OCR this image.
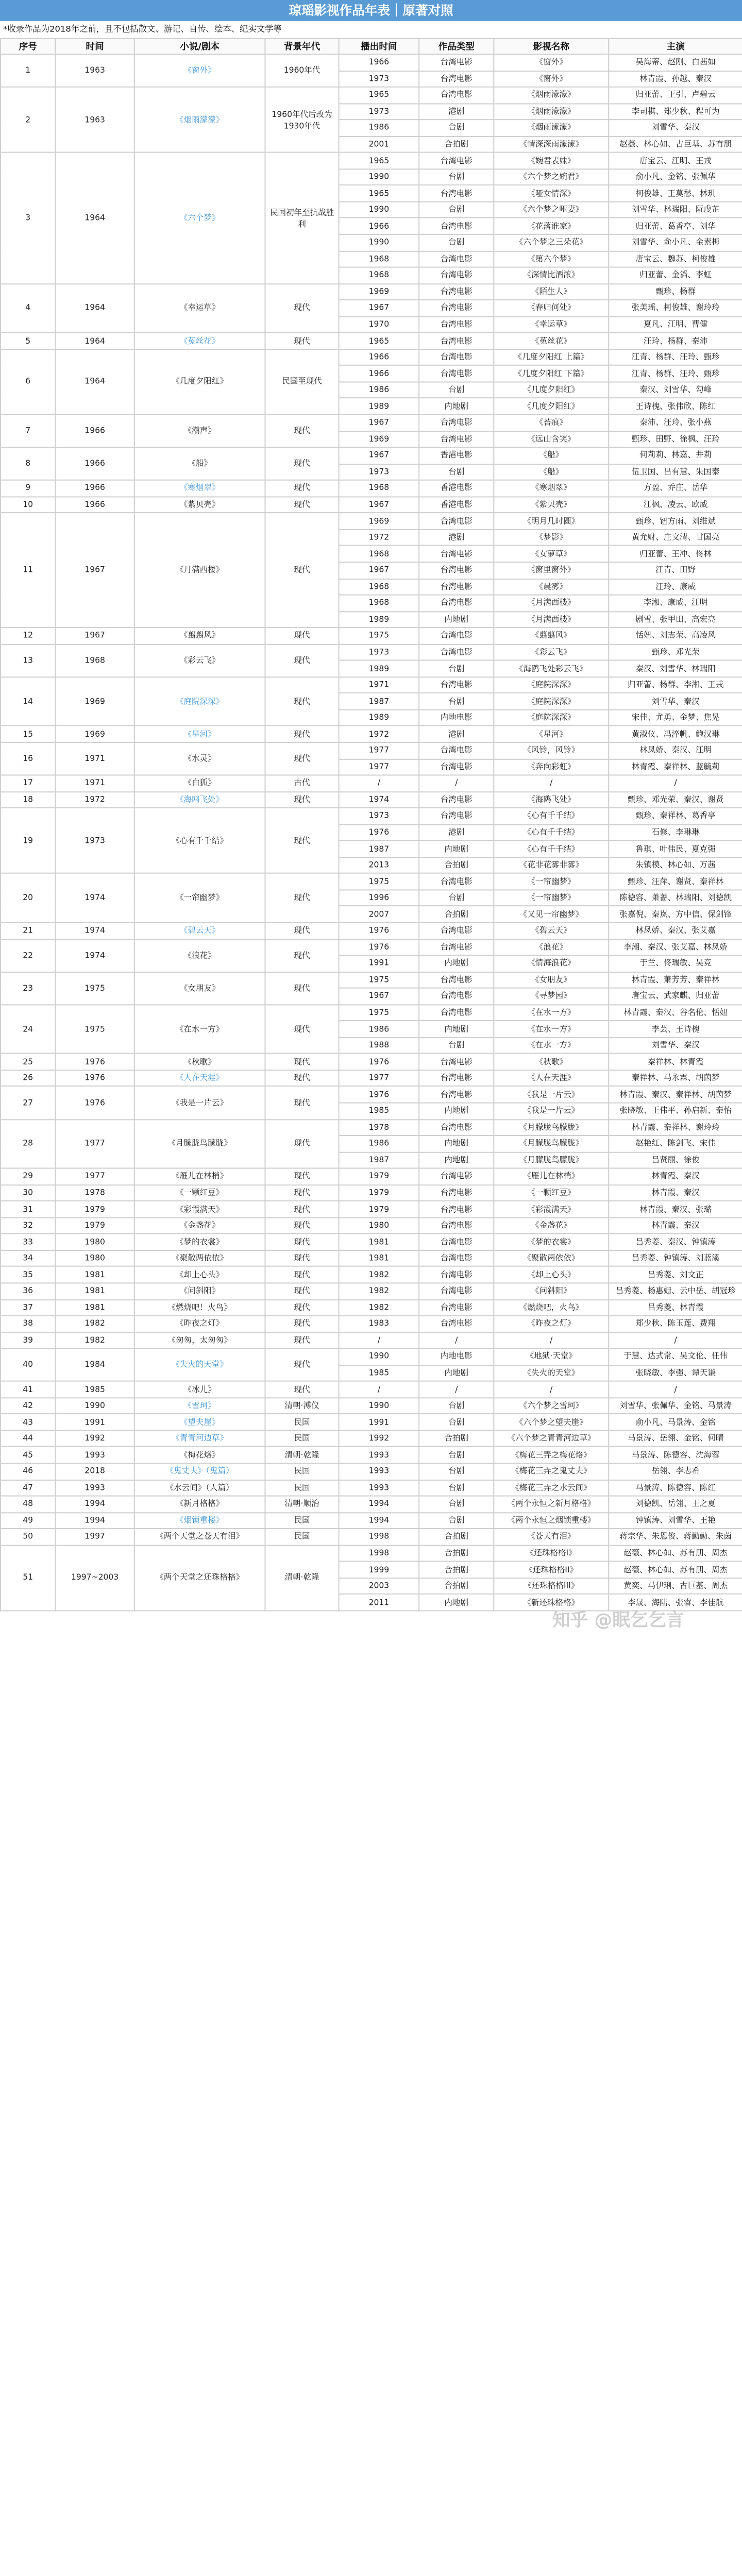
琼瑶影视作品年表｜原著对照
*收录作品为2018年之前，且不包括散文、游记、自传、绘本、纪实文学等
序号	时间	小说/剧本	背景年代	播出时间	作品类型	影视名称	主演
1	1963	《窗外》	1960年代	1966	台湾电影	《窗外》	吴海蒂、赵刚、白茜如
				1973	台湾电影	《窗外》	林青霞、孙越、秦汉
2	1963	《烟雨濛濛》	1960年代后改为1930年代	1965	台湾电影	《烟雨濛濛》	归亚蕾、王引、卢碧云
				1973	港剧	《烟雨濛濛》	李司棋、郑少秋、程可为
				1986	台剧	《烟雨濛濛》	刘雪华、秦汉
				2001	合拍剧	《情深深雨濛濛》	赵薇、林心如、古巨基、苏有朋
3	1964	《六个梦》	民国初年至抗战胜利	1965	台湾电影	《婉君表妹》	唐宝云、江明、王戎
				1990	台剧	《六个梦之婉君》	俞小凡、金铭、张佩华
				1965	台湾电影	《哑女情深》	柯俊雄、王莫愁、林玑
				1990	台剧	《六个梦之哑妻》	刘雪华、林瑞阳、阮虔芷
				1966	台湾电影	《花落谁家》	归亚蕾、葛香亭、刘华
				1990	台剧	《六个梦之三朵花》	刘雪华、俞小凡、金素梅
				1968	台湾电影	《第六个梦》	唐宝云、魏苏、柯俊雄
				1968	台湾电影	《深情比酒浓》	归亚蕾、金滔、李虹
4	1964	《幸运草》	现代	1969	台湾电影	《陌生人》	甄珍、杨群
				1967	台湾电影	《春归何处》	张美瑶、柯俊雄、谢玲玲
				1970	台湾电影	《幸运草》	夏凡、江明、曹健
5	1964	《菟丝花》	现代	1965	台湾电影	《菟丝花》	汪玲、杨群、秦沛
6	1964	《几度夕阳红》	民国至现代	1966	台湾电影	《几度夕阳红 上篇》	江青、杨群、汪玲、甄珍
				1966	台湾电影	《几度夕阳红 下篇》	江青、杨群、汪玲、甄珍
				1986	台剧	《几度夕阳红》	秦汉、刘雪华、勾峰
				1989	内地剧	《几度夕阳红》	王诗槐、张伟欣、陈红
7	1966	《潮声》	现代	1967	台湾电影	《苔痕》	秦沛、汪玲、张小燕
				1969	台湾电影	《远山含笑》	甄珍、田野、徐枫、汪玲
8	1966	《船》	现代	1967	香港电影	《船》	何莉莉、林嘉、井莉
				1973	台剧	《船》	伍卫国、吕有慧、朱国泰
9	1966	《寒烟翠》	现代	1968	香港电影	《寒烟翠》	方盈、乔庄、岳华
10	1966	《紫贝壳》	现代	1967	香港电影	《紫贝壳》	江枫、凌云、欧威
11	1967	《月满西楼》	现代	1969	台湾电影	《明月几时圆》	甄珍、钮方雨、刘维斌
				1972	港剧	《梦影》	黄允财、庄文清、甘国亮
				1968	台湾电影	《女萝草》	归亚蕾、王冲、佟林
				1967	台湾电影	《窗里窗外》	江青、田野
				1968	台湾电影	《晨雾》	汪玲、康威
				1968	台湾电影	《月满西楼》	李湘、康威、江明
				1989	内地剧	《月满西楼》	剧雪、张甲田、高宏亮
12	1967	《翦翦风》	现代	1975	台湾电影	《翦翦风》	恬妞、刘志荣、高凌风
13	1968	《彩云飞》	现代	1973	台湾电影	《彩云飞》	甄珍、邓光荣
				1989	台剧	《海鸥飞处彩云飞》	秦汉、刘雪华、林瑞阳
14	1969	《庭院深深》	现代	1971	台湾电影	《庭院深深》	归亚蕾、杨群、李湘、王戎
				1987	台剧	《庭院深深》	刘雪华、秦汉
				1989	内地电影	《庭院深深》	宋佳、尤勇、金梦、焦晃
15	1969	《星河》	现代	1972	港剧	《星河》	黄淑仪、冯淬帆、鲍汉琳
16	1971	《水灵》	现代	1977	台湾电影	《风铃，风铃》	林凤娇、秦汉、江明
				1977	台湾电影	《奔向彩虹》	林青霞、秦祥林、蓝毓莉
17	1971	《白狐》	古代	/	/	/	/
18	1972	《海鸥飞处》	现代	1974	台湾电影	《海鸥飞处》	甄珍、邓光荣、秦汉、谢贤
19	1973	《心有千千结》	现代	1973	台湾电影	《心有千千结》	甄珍、秦祥林、葛香亭
				1976	港剧	《心有千千结》	石修、李琳琳
				1987	内地剧	《心有千千结》	鲁琪、叶伟民、夏克强
				2013	合拍剧	《花非花雾非雾》	朱镇模、林心如、万茜
20	1974	《一帘幽梦》	现代	1975	台湾电影	《一帘幽梦》	甄珍、汪萍、谢贤、秦祥林
				1996	台剧	《一帘幽梦》	陈德容、萧蔷、林瑞阳、刘德凯
				2007	合拍剧	《又见一帘幽梦》	张嘉倪、秦岚、方中信、保剑锋
21	1974	《碧云天》	现代	1976	台湾电影	《碧云天》	林凤娇、秦汉、张艾嘉
22	1974	《浪花》	现代	1976	台湾电影	《浪花》	李湘、秦汉、张艾嘉、林凤娇
				1991	内地剧	《情海浪花》	于兰、佟瑞敏、吴竞
23	1975	《女朋友》	现代	1975	台湾电影	《女朋友》	林青霞、萧芳芳、秦祥林
				1967	台湾电影	《寻梦园》	唐宝云、武家麒、归亚蕾
24	1975	《在水一方》	现代	1975	台湾电影	《在水一方》	林青霞、秦汉、谷名伦、恬妞
				1986	内地剧	《在水一方》	李芸、王诗槐
				1988	台剧	《在水一方》	刘雪华、秦汉
25	1976	《秋歌》	现代	1976	台湾电影	《秋歌》	秦祥林、林青霞
26	1976	《人在天涯》	现代	1977	台湾电影	《人在天涯》	秦祥林、马永霖、胡茵梦
27	1976	《我是一片云》	现代	1976	台湾电影	《我是一片云》	林青霞、秦汉、秦祥林、胡茵梦
				1985	内地剧	《我是一片云》	张晓敏、王伟平、孙启新、秦怡
28	1977	《月朦胧鸟朦胧》	现代	1978	台湾电影	《月朦胧鸟朦胧》	林青霞、秦祥林、谢玲玲
				1986	内地剧	《月朦胧鸟朦胧》	赵艳红、陈剑飞、宋佳
				1987	内地剧	《月朦胧鸟朦胧》	吕贤丽、徐俊
29	1977	《雁儿在林梢》	现代	1979	台湾电影	《雁儿在林梢》	林青霞、秦汉
30	1978	《一颗红豆》	现代	1979	台湾电影	《一颗红豆》	林青霞、秦汉
31	1979	《彩霞满天》	现代	1979	台湾电影	《彩霞满天》	林青霞、秦汉、张璐
32	1979	《金盏花》	现代	1980	台湾电影	《金盏花》	林青霞、秦汉
33	1980	《梦的衣裳》	现代	1981	台湾电影	《梦的衣裳》	吕秀菱、秦汉、钟镇涛
34	1980	《聚散两依依》	现代	1981	台湾电影	《聚散两依依》	吕秀菱、钟镇涛、刘蓝溪
35	1981	《却上心头》	现代	1982	台湾电影	《却上心头》	吕秀菱、刘文正
36	1981	《问斜阳》	现代	1982	台湾电影	《问斜阳》	吕秀菱、杨惠姗、云中岳、胡冠珍
37	1981	《燃烧吧！火鸟》	现代	1982	台湾电影	《燃烧吧，火鸟》	吕秀菱、林青霞
38	1982	《昨夜之灯》	现代	1983	台湾电影	《昨夜之灯》	郑少秋、陈玉莲、费翔
39	1982	《匆匆，太匆匆》	现代	/	/	/	/
40	1984	《失火的天堂》	现代	1990	内地电影	《地狱·天堂》	于慧、达式常、吴文伦、任伟
				1985	内地剧	《失火的天堂》	张晓敏、李强、谭天谦
41	1985	《冰儿》	现代	/	/	/	/
42	1990	《雪珂》	清朝·溥仪	1990	台剧	《六个梦之雪珂》	刘雪华、张佩华、金铭、马景涛
43	1991	《望夫崖》	民国	1991	台剧	《六个梦之望夫崖》	俞小凡、马景涛、金铭
44	1992	《青青河边草》	民国	1992	合拍剧	《六个梦之青青河边草》	马景涛、岳翎、金铭、何晴
45	1993	《梅花烙》	清朝·乾隆	1993	台剧	《梅花三弄之梅花烙》	马景涛、陈德容、沈海蓉
46	2018	《鬼丈夫》（鬼篇）	民国	1993	台剧	《梅花三弄之鬼丈夫》	岳翎、李志希
47	1993	《水云间》（人篇）	民国	1993	台剧	《梅花三弄之水云间》	马景涛、陈德容、陈红
48	1994	《新月格格》	清朝·顺治	1994	台剧	《两个永恒之新月格格》	刘德凯、岳翎、王之夏
49	1994	《烟锁重楼》	民国	1994	台剧	《两个永恒之烟锁重楼》	钟镇涛、刘雪华、王艳
50	1997	《两个天堂之苍天有泪》	民国	1998	合拍剧	《苍天有泪》	蒋宗华、朱恩俊、蒋勤勤、朱茵
51	1997~2003	《两个天堂之还珠格格》	清朝·乾隆	1998	合拍剧	《还珠格格I》	赵薇、林心如、苏有朋、周杰
				1999	合拍剧	《还珠格格II》	赵薇、林心如、苏有朋、周杰
				2003	合拍剧	《还珠格格III》	黄奕、马伊琍、古巨基、周杰
				2011	内地剧	《新还珠格格》	李晟、海陆、张睿、李佳航
知乎 @眠乞乞言
